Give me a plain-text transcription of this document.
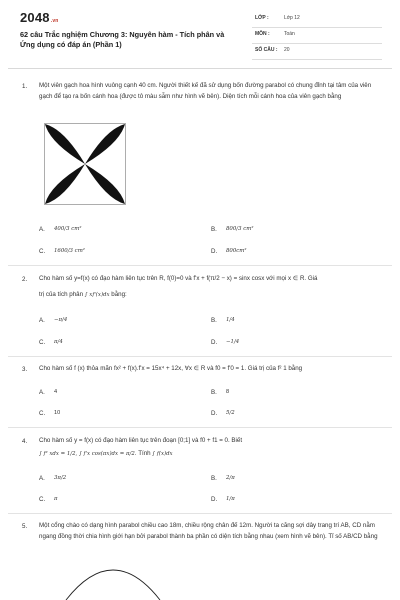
2048.vn
62 câu Trắc nghiệm Chương 3: Nguyên hàm - Tích phân và Ứng dụng có đáp án (Phần 1)
LỚP :	Lớp 12
MÔN :	Toán
SỐ CÂU : 20
1. Một viên gạch hoa hình vuông cạnh 40 cm. Người thiết kế đã sử dụng bốn đường parabol có chung đỉnh tại tâm của viên gạch để tạo ra bốn cánh hoa (được tô màu sẫm như hình vẽ bên). Diện tích mỗi cánh hoa của viên gạch bằng
A. 400/3 cm²	B. 800/3 cm²
C. 1600/3 cm²	D. 800cm²
2. Cho hàm số y=f(x) có đạo hàm liên tục trên R, f(0)=0 và f'x + f(π/2 − x) = sinx cosx với mọi x ∈ R. Giá
trị của tích phân ∫ xf'(x)dx bằng:
A. −π/4	B. 1/4
C. π/4	D. −1/4
3. Cho hàm số f (x) thỏa mãn fx² + f(x).f'x = 15x⁴ + 12x, ∀x ∈ R và f0 = f'0 = 1. Giá trị của f² 1 bằng
A. 4	B. 8
C. 10	D. 5/2
4. Cho hàm số y = f(x) có đạo hàm liên tục trên đoạn [0;1] và f0 + f1 = 0. Biết
∫ f² xdx = 1/2, ∫ f'x cos(πx)dx = π/2. Tính ∫ f(x)dx
A. 3π/2	B. 2/π
C. π	D. 1/π
5. Một cổng chào có dạng hình parabol chiều cao 18m, chiều rộng chân đế 12m. Người ta căng sợi dây trang trí AB, CD nằm ngang đồng thời chia hình giới hạn bởi parabol thành ba phần có diện tích bằng nhau (xem hình vẽ bên). Tỉ số AB/CD bằng
